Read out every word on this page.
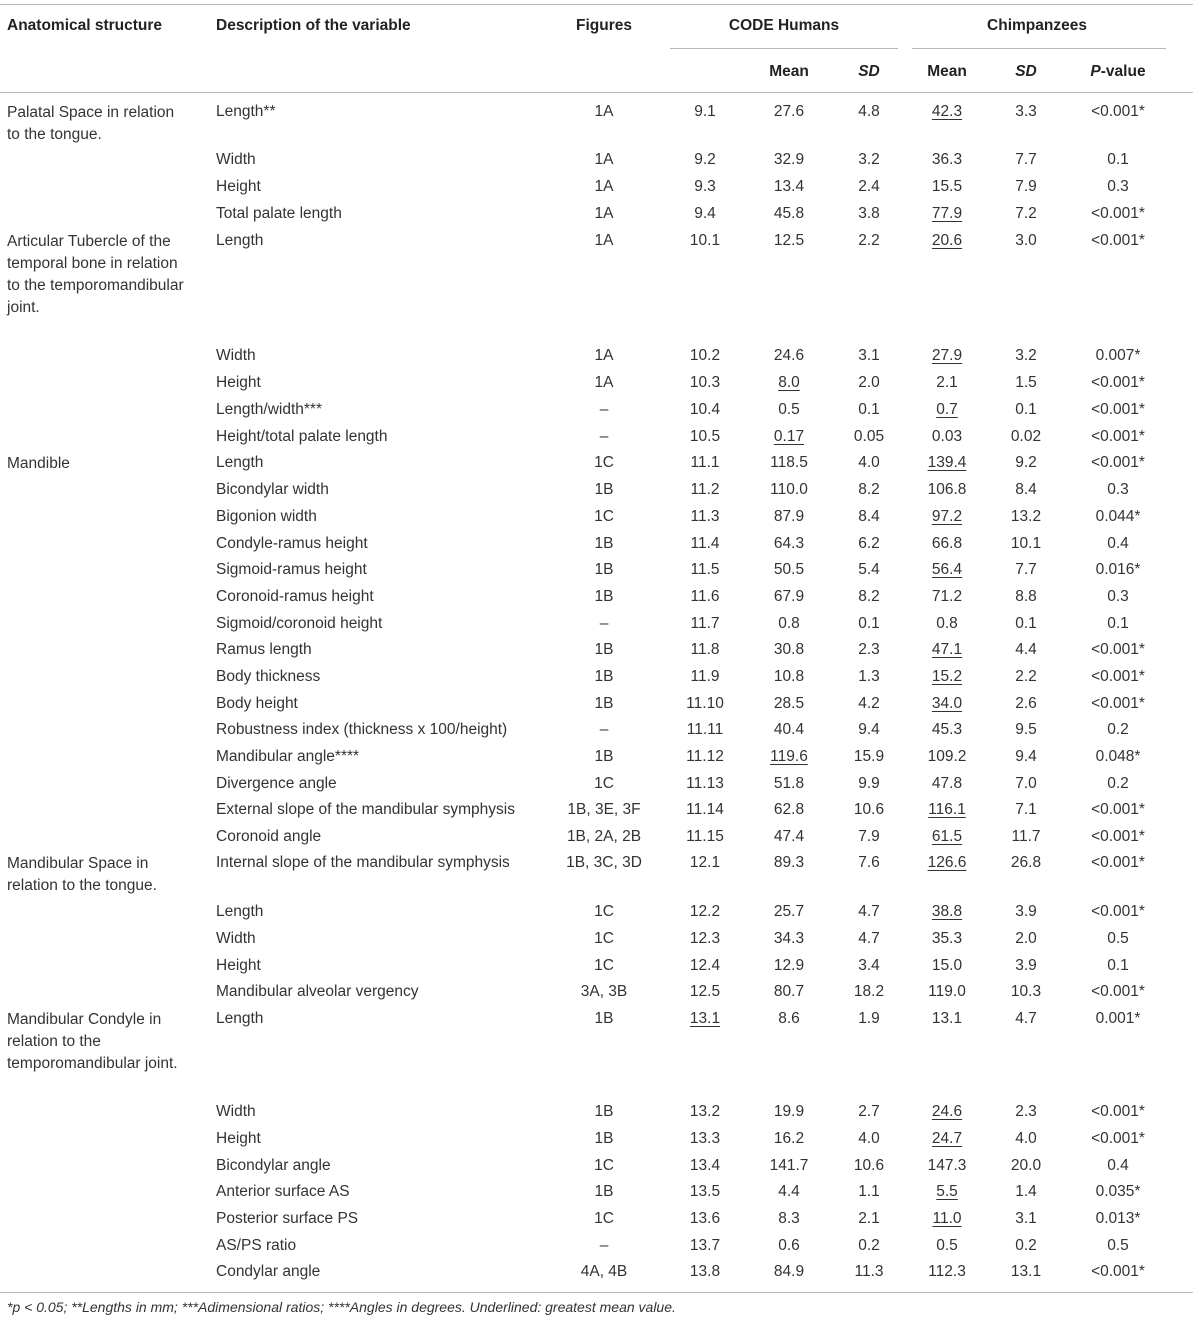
Anatomical structure	Description of the variable	Figures	CODE Humans	Chimpanzees
Mean	SD	Mean	SD	P-value
Palatal Space in relation to the tongue.
Length**	1A	9.1	27.6	4.8	42.3	3.3	<0.001*
Width	1A	9.2	32.9	3.2	36.3	7.7	0.1
Height	1A	9.3	13.4	2.4	15.5	7.9	0.3
Total palate length	1A	9.4	45.8	3.8	77.9	7.2	<0.001*
Articular Tubercle of the temporal bone in relation to the temporomandibular joint.
Length	1A	10.1	12.5	2.2	20.6	3.0	<0.001*
Width	1A	10.2	24.6	3.1	27.9	3.2	0.007*
Height	1A	10.3	8.0	2.0	2.1	1.5	<0.001*
Length/width***	–	10.4	0.5	0.1	0.7	0.1	<0.001*
Height/total palate length	–	10.5	0.17	0.05	0.03	0.02	<0.001*
Mandible	Length	1C	11.1	118.5	4.0	139.4	9.2	<0.001*
Bicondylar width	1B	11.2	110.0	8.2	106.8	8.4	0.3
Bigonion width	1C	11.3	87.9	8.4	97.2	13.2	0.044*
Condyle-ramus height	1B	11.4	64.3	6.2	66.8	10.1	0.4
Sigmoid-ramus height	1B	11.5	50.5	5.4	56.4	7.7	0.016*
Coronoid-ramus height	1B	11.6	67.9	8.2	71.2	8.8	0.3
Sigmoid/coronoid height	–	11.7	0.8	0.1	0.8	0.1	0.1
Ramus length	1B	11.8	30.8	2.3	47.1	4.4	<0.001*
Body thickness	1B	11.9	10.8	1.3	15.2	2.2	<0.001*
Body height	1B	11.10	28.5	4.2	34.0	2.6	<0.001*
Robustness index (thickness x 100/height)	–	11.11	40.4	9.4	45.3	9.5	0.2
Mandibular angle****	1B	11.12	119.6	15.9	109.2	9.4	0.048*
Divergence angle	1C	11.13	51.8	9.9	47.8	7.0	0.2
External slope of the mandibular symphysis	1B, 3E, 3F	11.14	62.8	10.6	116.1	7.1	<0.001*
Coronoid angle	1B, 2A, 2B	11.15	47.4	7.9	61.5	11.7	<0.001*
Mandibular Space in relation to the tongue.
Internal slope of the mandibular symphysis	1B, 3C, 3D	12.1	89.3	7.6	126.6	26.8	<0.001*
Length	1C	12.2	25.7	4.7	38.8	3.9	<0.001*
Width	1C	12.3	34.3	4.7	35.3	2.0	0.5
Height	1C	12.4	12.9	3.4	15.0	3.9	0.1
Mandibular alveolar vergency	3A, 3B	12.5	80.7	18.2	119.0	10.3	<0.001*
Mandibular Condyle in relation to the temporomandibular joint.
Length	1B	13.1	8.6	1.9	13.1	4.7	0.001*
Width	1B	13.2	19.9	2.7	24.6	2.3	<0.001*
Height	1B	13.3	16.2	4.0	24.7	4.0	<0.001*
Bicondylar angle	1C	13.4	141.7	10.6	147.3	20.0	0.4
Anterior surface AS	1B	13.5	4.4	1.1	5.5	1.4	0.035*
Posterior surface PS	1C	13.6	8.3	2.1	11.0	3.1	0.013*
AS/PS ratio	–	13.7	0.6	0.2	0.5	0.2	0.5
Condylar angle	4A, 4B	13.8	84.9	11.3	112.3	13.1	<0.001*
*p < 0.05; **Lengths in mm; ***Adimensional ratios; ****Angles in degrees. Underlined: greatest mean value.
